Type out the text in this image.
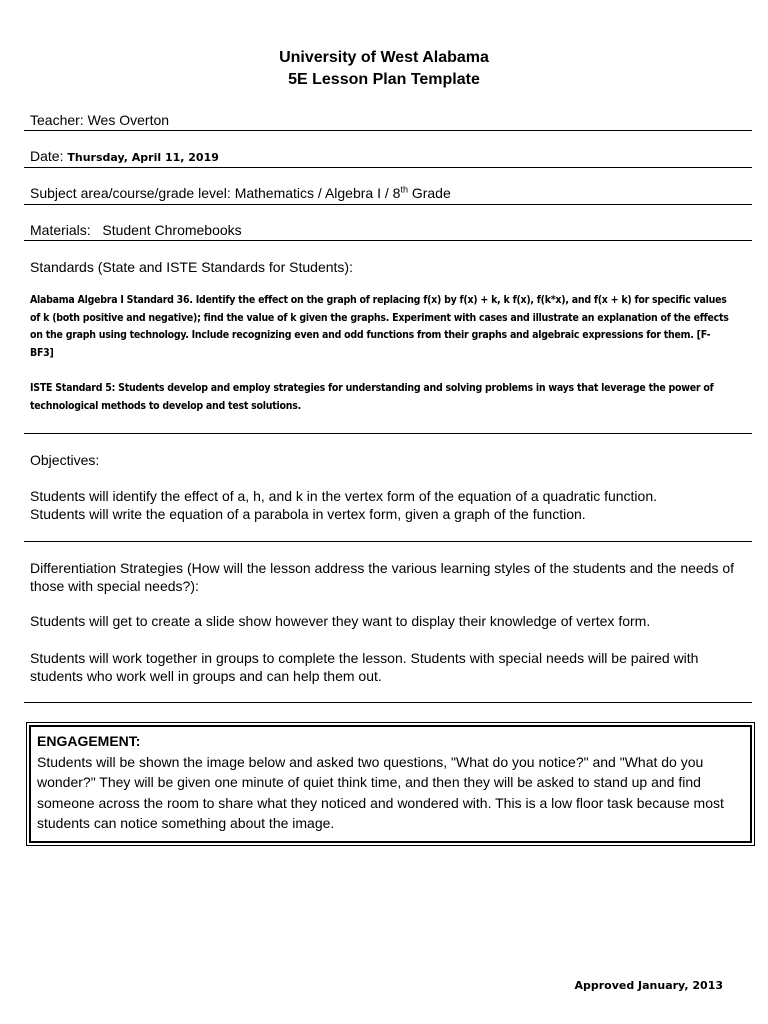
University of West Alabama
5E Lesson Plan Template
Teacher: Wes Overton
Date: Thursday, April 11, 2019
Subject area/course/grade level: Mathematics / Algebra I / 8th Grade
Materials: Student Chromebooks
Standards (State and ISTE Standards for Students):
Alabama Algebra I Standard 36. Identify the effect on the graph of replacing f(x) by f(x) + k, k f(x), f(k*x), and f(x + k) for specific values of k (both positive and negative); find the value of k given the graphs. Experiment with cases and illustrate an explanation of the effects on the graph using technology. Include recognizing even and odd functions from their graphs and algebraic expressions for them. [F-BF3]
ISTE Standard 5: Students develop and employ strategies for understanding and solving problems in ways that leverage the power of technological methods to develop and test solutions.
Objectives:
Students will identify the effect of a, h, and k in the vertex form of the equation of a quadratic function.
Students will write the equation of a parabola in vertex form, given a graph of the function.
Differentiation Strategies (How will the lesson address the various learning styles of the students and the needs of those with special needs?):
Students will get to create a slide show however they want to display their knowledge of vertex form.
Students will work together in groups to complete the lesson. Students with special needs will be paired with students who work well in groups and can help them out.
ENGAGEMENT:
Students will be shown the image below and asked two questions, "What do you notice?" and "What do you wonder?" They will be given one minute of quiet think time, and then they will be asked to stand up and find someone across the room to share what they noticed and wondered with. This is a low floor task because most students can notice something about the image.
Approved January, 2013
